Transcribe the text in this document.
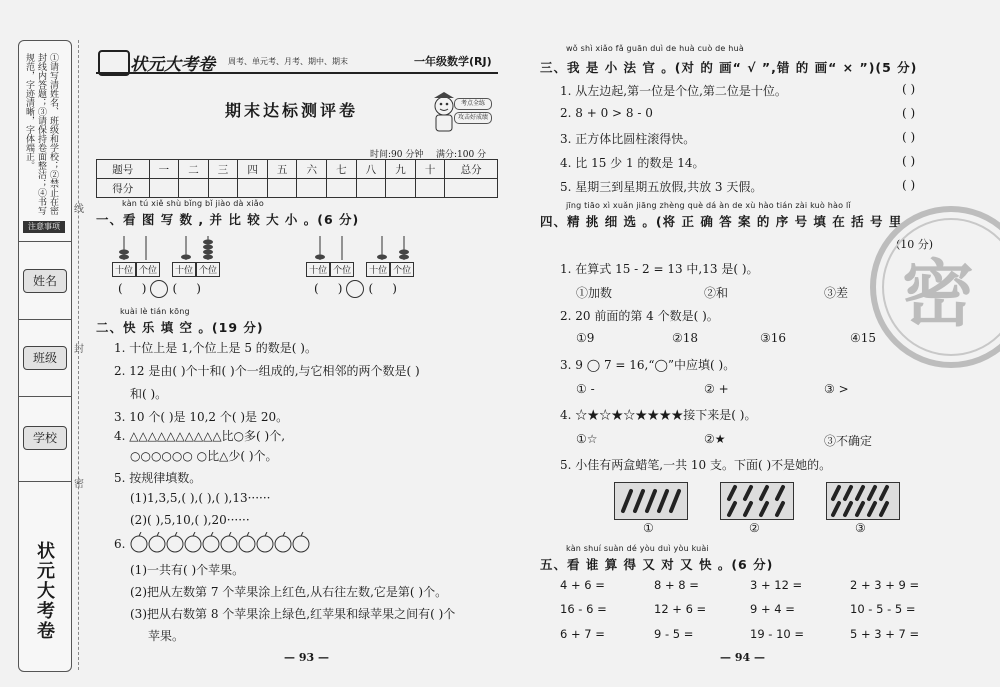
①请写清姓名、班级和学校；②禁止在密封线内答题；③请保持卷面整洁；④书写规范，字迹清晰，字体端正。
注意事项
姓名
班级
学校
状元大考卷
线
封
密
状元大考卷 周考、单元考、月考、期中、期末	一年级数学(RJ)
期末达标测评卷	考点全练
攻击好成绩
时间:90 分钟 满分:100 分
题号	一	二	三	四	五	六	七	八	九	十	总分
得分											
kàn tú xiě shù bǐng bǐ jiào dà xiǎo
一、看 图 写 数 , 并 比 较 大 小 。(6 分)
十位 个位	十位 个位	十位 个位	十位 个位
(     ) (     )	(     ) (     )
kuài lè tián kōng
二、快 乐 填 空 。(19 分)
1. 十位上是 1,个位上是 5 的数是( )。
2. 12 是由( )个十和( )个一组成的,与它相邻的两个数是( )
和( )。
3. 10 个( )是 10,2 个( )是 20。
4. △△△△△△△△△△比○多( )个,
○○○○○○ ○比△少( )个。
5. 按规律填数。
(1)1,3,5,( ),( ),( ),13······
(2)( ),5,10,( ),20······
6.
(1)一共有( )个苹果。
(2)把从左数第 7 个苹果涂上红色,从右往左数,它是第( )个。
(3)把从右数第 8 个苹果涂上绿色,红苹果和绿苹果之间有( )个
苹果。
— 93 —
wǒ shì xiǎo fǎ guān duì de huà cuò de huà
三、我 是 小 法 官 。(对 的 画“ √ ”,错 的 画“ × ”)(5 分)
1. 从左边起,第一位是个位,第二位是十位。	( )
2. 8 + 0 > 8 - 0	( )
3. 正方体比圆柱滚得快。	( )
4. 比 15 少 1 的数是 14。	( )
5. 星期三到星期五放假,共放 3 天假。	( )
jīng tiāo xì xuǎn jiāng zhèng què dá àn de xù hào tián zài kuò hào lǐ
四、精 挑 细 选 。(将 正 确 答 案 的 序 号 填 在 括 号 里
(10 分)
密
1. 在算式 15 - 2 = 13 中,13 是( )。
①加数	②和	③差
2. 20 前面的第 4 个数是( )。
①9	②18	③16	④15
3. 9 ◯ 7 = 16,“◯”中应填( )。
① -	② +	③ >
4. ☆★☆★☆★★★★接下来是( )。
①☆	②★	③不确定
5. 小佳有两盒蜡笔,一共 10 支。下面( )不是她的。
①	②	③
kàn shuí suàn dé yòu duì yòu kuài
五、看 谁 算 得 又 对 又 快 。(6 分)
4 + 6 =	8 + 8 =	3 + 12 =	2 + 3 + 9 =
16 - 6 =	12 + 6 =	9 + 4 =	10 - 5 - 5 =
6 + 7 =	9 - 5 =	19 - 10 =	5 + 3 + 7 =
— 94 —
